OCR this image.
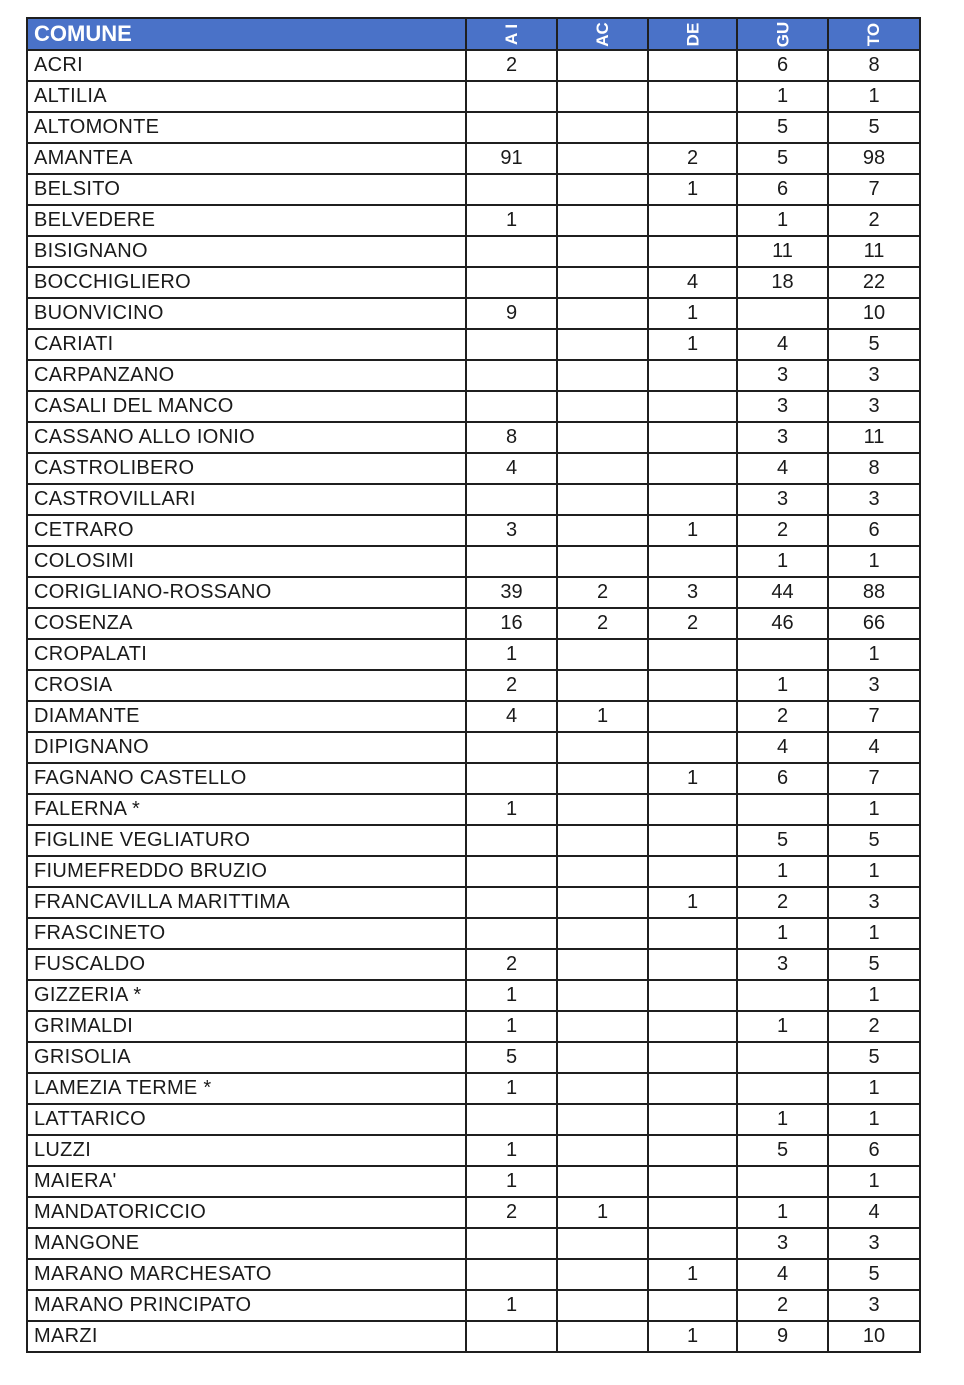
COMUNE	A I	AC	DE	GU	TO
ACRI	2			6	8
ALTILIA				1	1
ALTOMONTE				5	5
AMANTEA	91		2	5	98
BELSITO			1	6	7
BELVEDERE	1			1	2
BISIGNANO				11	11
BOCCHIGLIERO			4	18	22
BUONVICINO	9		1		10
CARIATI			1	4	5
CARPANZANO				3	3
CASALI DEL MANCO				3	3
CASSANO ALLO IONIO	8			3	11
CASTROLIBERO	4			4	8
CASTROVILLARI				3	3
CETRARO	3		1	2	6
COLOSIMI				1	1
CORIGLIANO-ROSSANO	39	2	3	44	88
COSENZA	16	2	2	46	66
CROPALATI	1				1
CROSIA	2			1	3
DIAMANTE	4	1		2	7
DIPIGNANO				4	4
FAGNANO CASTELLO			1	6	7
FALERNA *	1				1
FIGLINE VEGLIATURO				5	5
FIUMEFREDDO BRUZIO				1	1
FRANCAVILLA MARITTIMA			1	2	3
FRASCINETO				1	1
FUSCALDO	2			3	5
GIZZERIA *	1				1
GRIMALDI	1			1	2
GRISOLIA	5				5
LAMEZIA TERME *	1				1
LATTARICO				1	1
LUZZI	1			5	6
MAIERA'	1				1
MANDATORICCIO	2	1		1	4
MANGONE				3	3
MARANO MARCHESATO			1	4	5
MARANO PRINCIPATO	1			2	3
MARZI			1	9	10
